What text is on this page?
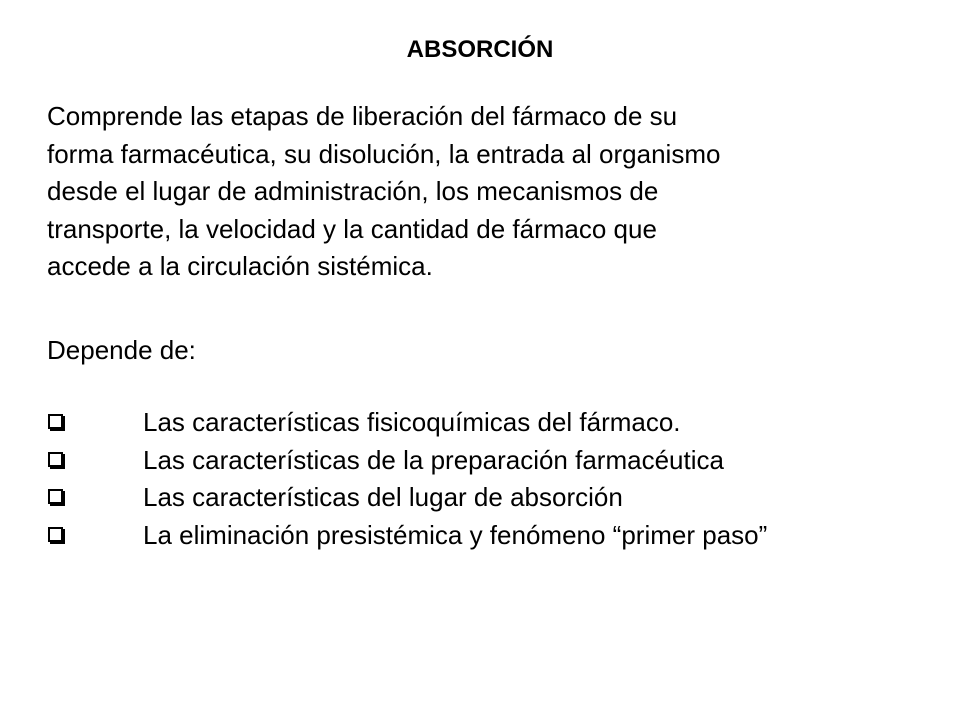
ABSORCIÓN
Comprende las etapas de liberación del fármaco de su
forma farmacéutica, su disolución, la entrada al organismo
desde el lugar de administración, los mecanismos de
transporte, la velocidad y la cantidad de fármaco que
accede a la circulación sistémica.
Depende de:
Las características fisicoquímicas del fármaco.
Las características de la preparación farmacéutica
Las características del lugar de absorción
La eliminación presistémica y fenómeno “primer paso”
